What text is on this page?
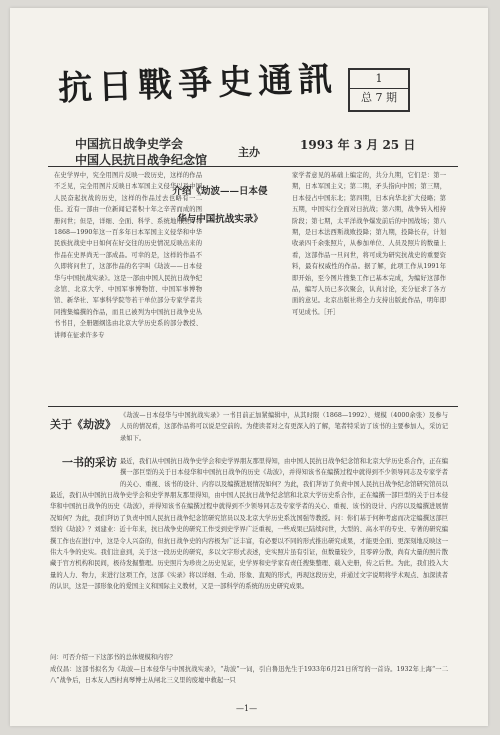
抗日戰爭史通訊	1
总 7 期
中国抗日战争史学会
中国人民抗日战争纪念馆
主办
1993 年 3 月 25 日
在史学界中，究全用图片反映一段历史，这样的作品不乏见，完全用图片反映日本军国主义侵华以及中国人民奋起抗战的历史，这样的作品过去也略有一二佳。近有一部由一位新闻记者积十年之辛苦而成的图册问世；但是，详细、全面、科学、系统地用照片将1868—1990年这一百多年日本军国主义侵华和中华民族抗战史中日如何在好交往的历史情况反映出来的作品在史界尚无一部成品。可幸的是，这样的作品不久即将问世了，这部作品的名字叫《劫波——日本侵华与中国抗战实录》。这是一部由中国人民抗日战争纪念馆、北京大学、中国军事博物馆、中国军事博物馆、新华社、军事科学院等若干单位部分专家学者共同搜集编撰的作品，而且已被列为中国抗日战争史丛书书目，全册题纲选由北京大学历史系的部分教授、讲师在征求许多专
介绍《劫波——日本侵
华与中国抗战实录》
家学者意见的基础上编定的，共分九期，它们是：第一期，日本军国主义；第二期，矛头指向中国；第三期，日本侵占中国东北；第四期，日本向华北扩大侵略；第五期，中国实行全面对日抗战；第六期，战争转入相持阶段；第七期，太平洋战争爆发前后的中国战场；第八期，是日本法西斯战败投降；第九期，投降长存，计划收录四千余张照片，从参加单位、人员及照片的数量上看，这部作品一旦问世，将可成为研究抗战史的重要资料，最有权威性的作品。据了解，此项工作从1991年即开始，至今图片搜集工作已基本完成，为编好这部作品，编写人员已多次聚会，认真讨论，充分征求了各方面的意见。北京出版社将全力支持出版此作品，明年即可见成书。［开］
关于《劫波》
一书的采访
《劫波—日本侵华与中国抗战实录》一书目前正加紧编辑中，从其时限（1868—1992）、规模（4000余张）及参与人员的情况看，这部作品将可以说是空前的。为使读者对之有更深入的了解，笔者特采访了该书的主要参加人，采访记录如下。
最近，我们从中国抗日战争史学会和史学界朋友那里得知，由中国人民抗日战争纪念馆和北京大学历史系合作，正在编撰一部巨型的关于日本侵华和中国抗日战争的历史《劫波》，并得知该书在编撰过程中就得到不少领导同志及专家学者的关心、重视、该书的设计、内容以及编撰进展情况如何？为此，我们拜访了负责中国人民抗日战争纪念馆研究馆员以
最近，我们从中国抗日战争史学会和史学界朋友那里得知，由中国人民抗日战争纪念馆和北京大学历史系合作，正在编撰一部巨型的关于日本侵华和中国抗日战争的历史《劫波》，并得知该书在编撰过程中就得到不少领导同志及专家学者的关心、重视、该书的设计、内容以及编撰进展情况如何？为此，我们拜访了负责中国人民抗日战争纪念馆研究馆员以及北京大学历史系沈国强等教授。问：你们基于何种考虑而决定编撰这部巨型的《劫波》？刘建业：近十年来，抗日战争史的研究工作受到史学界广泛重视，一些成果已陆续问世，大型的、高水平的专史、专著的研究编撰工作也在进行中，这是令人兴奋的，但抗日战争史的内容极为广泛丰富，有必要以不同的形式推出研究成果，才能更全面、更深刻地反映这一伟大斗争的史实。我们注意到，关于这一段历史的研究，多以文字形式表述，史实照片虽有引证，但数量较少，且零碎分散，尚有大量的照片散藏于官方机构和民间，极待发掘整理。历史照片为珍贵之历史见证，史学界和史学家有责任搜集整理、载入史册，传之后世。为此，我们投入大量的人力、物力，来进行这项工作，这部《实录》将以详细、生动、形象、直观的形式，再现这段历史，并通过文字说明将学术观点、加深读者的认识，这是一部形象化的爱国主义和国际主义教材，又是一部科学的系统的历史研究成果。
问：可否介绍一下这部书的总体规模和内容？
成仅昌：这部书拟名为《劫波—日本侵华与中国抗战实录》，“劫波”一词，引自鲁迅先生于1933年6月21日所写的一首诗。1932年上海“一二八”战争后，日本友人西村真琴博士从闸北三义里的废墟中救起一只
—1—
